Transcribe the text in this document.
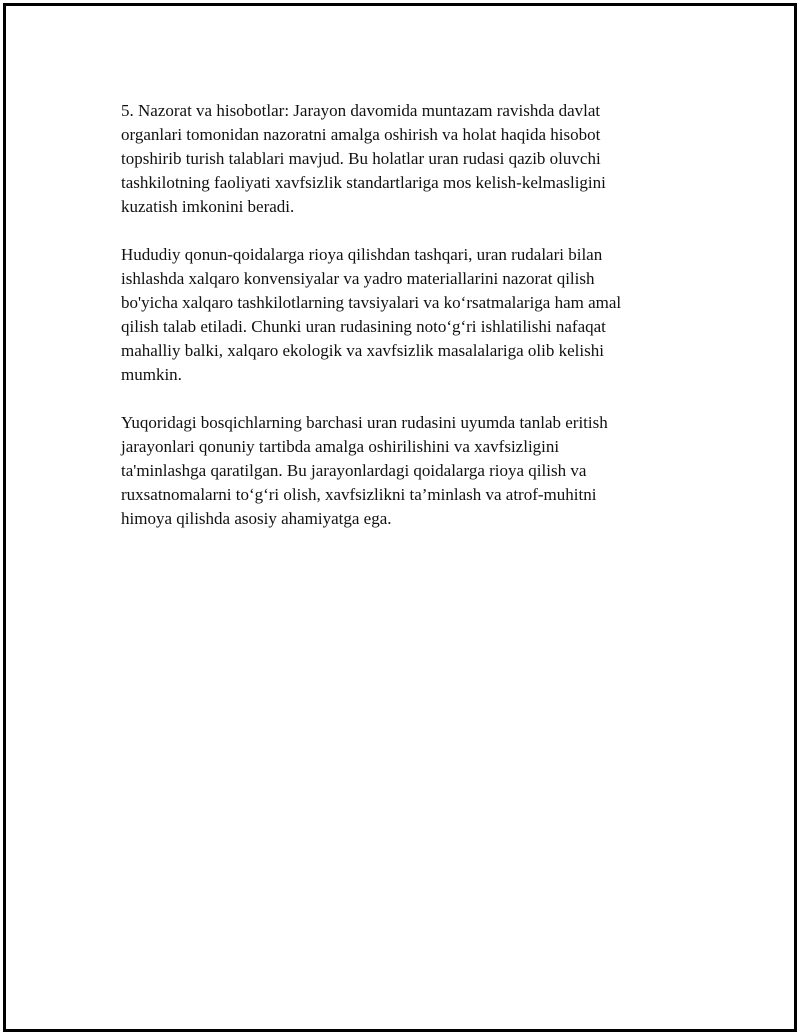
5. Nazorat va hisobotlar: Jarayon davomida muntazam ravishda davlat
organlari tomonidan nazoratni amalga oshirish va holat haqida hisobot
topshirib turish talablari mavjud. Bu holatlar uran rudasi qazib oluvchi
tashkilotning faoliyati xavfsizlik standartlariga mos kelish-kelmasligini
kuzatish imkonini beradi.

Hududiy qonun-qoidalarga rioya qilishdan tashqari, uran rudalari bilan
ishlashda xalqaro konvensiyalar va yadro materiallarini nazorat qilish
bo'yicha xalqaro tashkilotlarning tavsiyalari va ko‘rsatmalariga ham amal
qilish talab etiladi. Chunki uran rudasining noto‘g‘ri ishlatilishi nafaqat
mahalliy balki, xalqaro ekologik va xavfsizlik masalalariga olib kelishi
mumkin.

Yuqoridagi bosqichlarning barchasi uran rudasini uyumda tanlab eritish
jarayonlari qonuniy tartibda amalga oshirilishini va xavfsizligini
ta'minlashga qaratilgan. Bu jarayonlardagi qoidalarga rioya qilish va
ruxsatnomalarni to‘g‘ri olish, xavfsizlikni ta’minlash va atrof-muhitni
himoya qilishda asosiy ahamiyatga ega.
